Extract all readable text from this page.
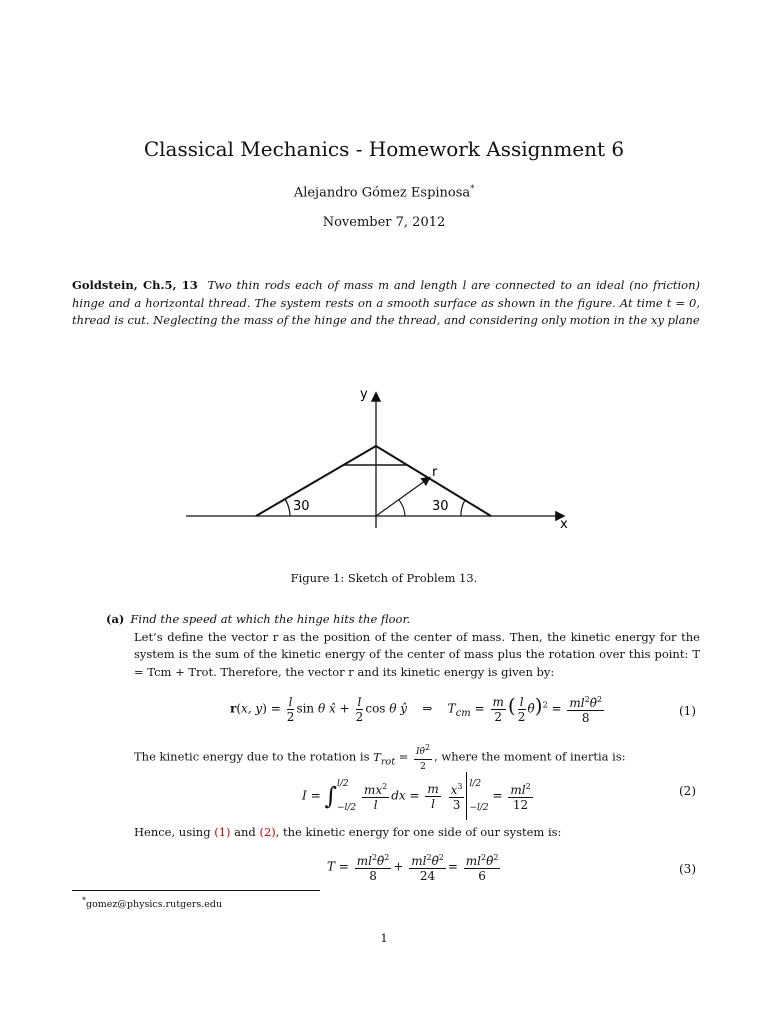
Classical Mechanics - Homework Assignment 6
Alejandro Gómez Espinosa*
November 7, 2012
Goldstein, Ch.5, 13 Two thin rods each of mass m and length l are connected to an ideal (no friction) hinge and a horizontal thread. The system rests on a smooth surface as shown in the figure. At time t = 0, thread is cut. Neglecting the mass of the hinge and the thread, and considering only motion in the xy plane
y
x
r
30	30
Figure 1: Sketch of Problem 13.
(a) Find the speed at which the hinge hits the floor.
Let’s define the vector r as the position of the center of mass. Then, the kinetic energy for the system is the sum of the kinetic energy of the center of mass plus the rotation over this point: T = Tcm + Trot. Therefore, the vector r and its kinetic energy is given by:
r(x, $y) = \frac{l}{2}$ sin θ x̂ + $\frac{l}{2}$ cos θ ŷ    ⇒    $T_{cm} = \frac{m}{2}$ ( $\frac{l}{2}$ θ̇)$^2$ = $\frac{ml^2\thetȧ^2}{8}$	(1)
The kinetic energy due to the rotation is $T_{rot} = \frac{I\thetȧ2}{2}$ , where the moment of inertia is:
I = ∫ l/2
−l/2
$\frac{mx^2}{l}$ dx = $\frac{m}{l}$
$\frac{x^3}{3} l/2$
−l/2
= $\frac{ml^2}{12}$	(2)
Hence, using (1) and (2), the kinetic energy for one side of our system is:
$T = \frac{ml^2\thetȧ^2}{8} + \frac{ml^2\thetȧ^2}{24} = \frac{ml^2\thetȧ^2}{6}$	(3)
*gomez@physics.rutgers.edu
1
